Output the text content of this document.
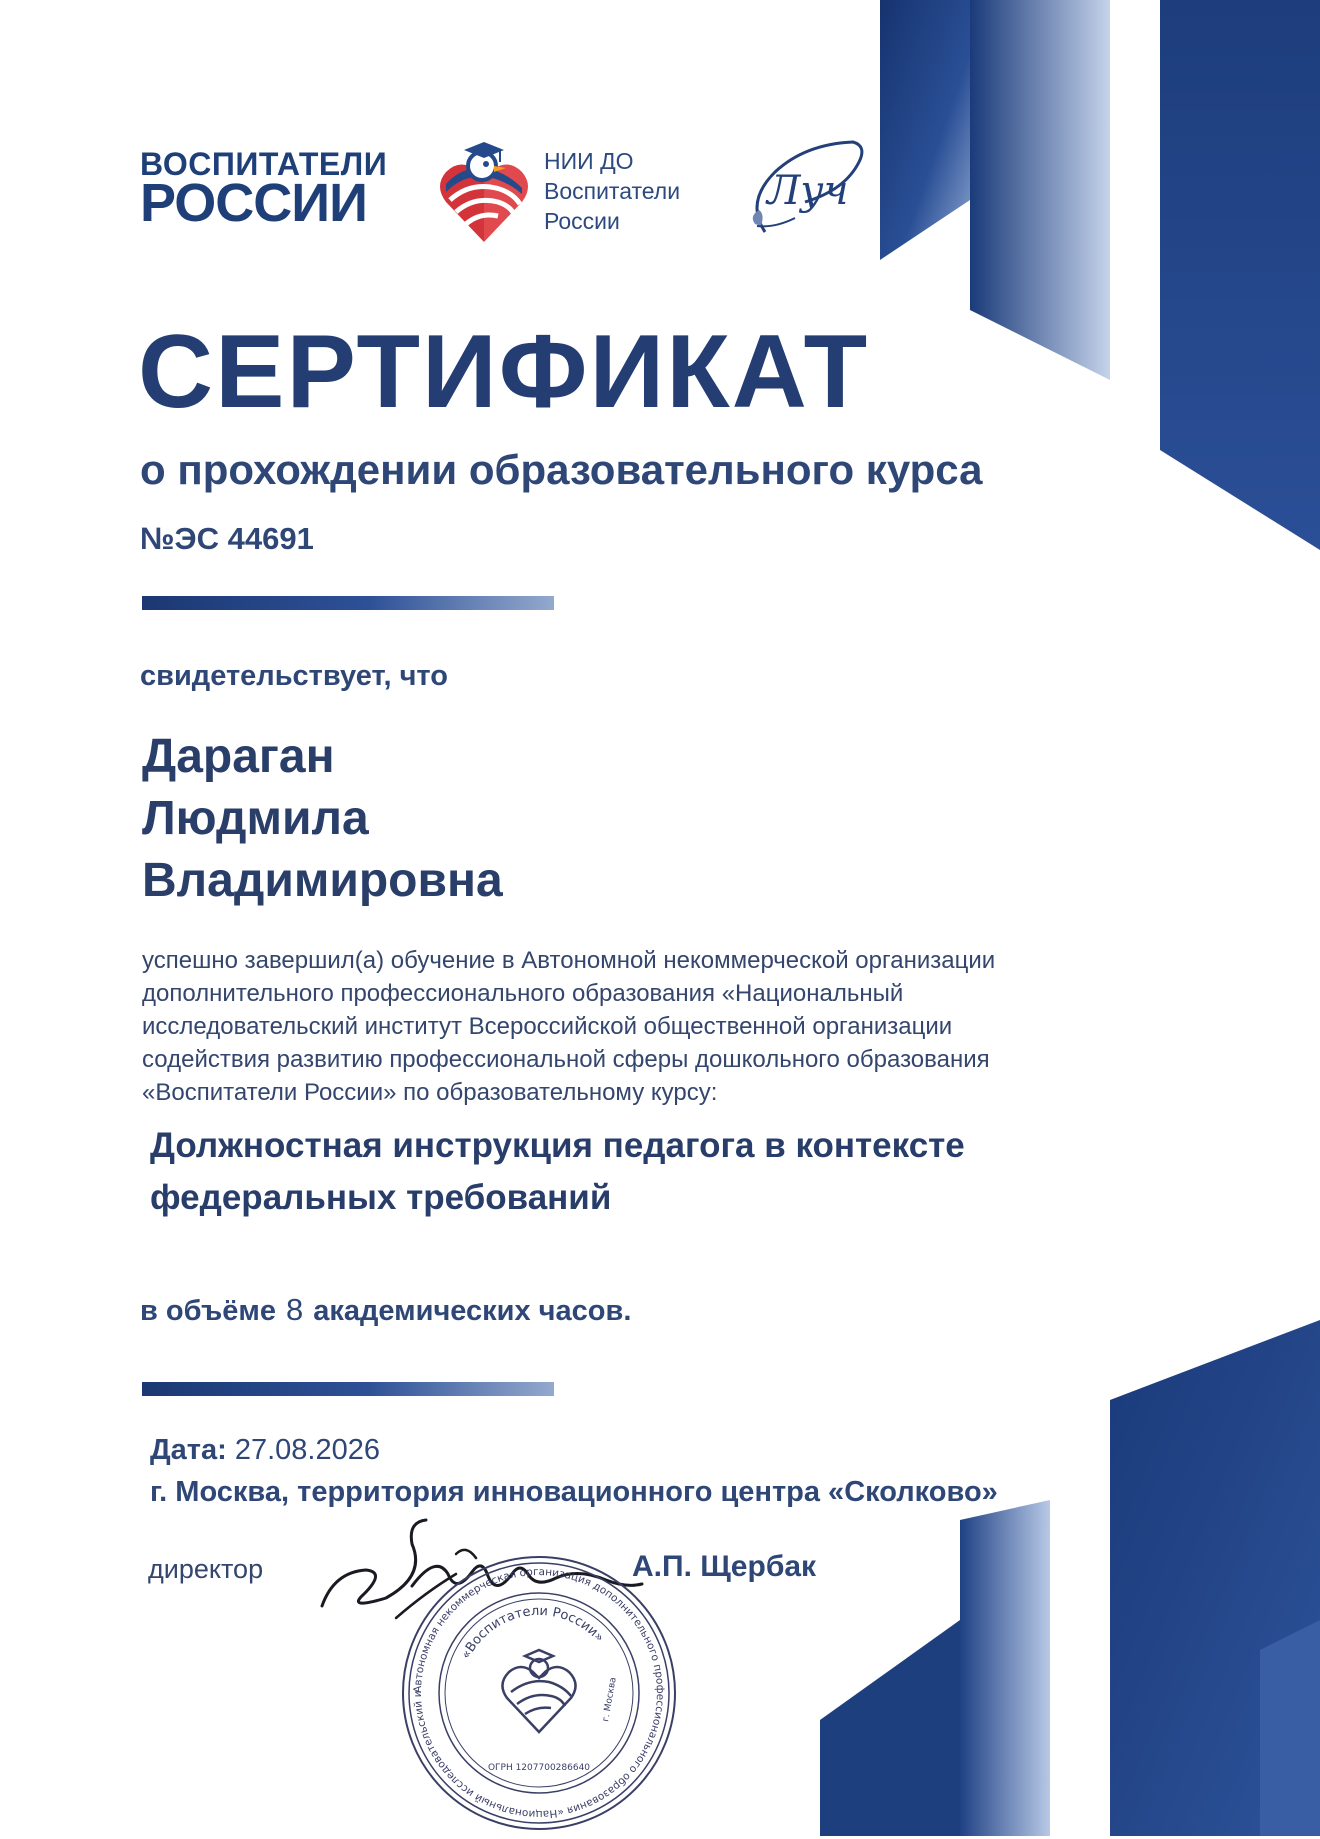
ВОСПИТАТЕЛИ
РОССИИ
НИИ ДО
Воспитатели
России
Луч
СЕРТИФИКАТ
о прохождении образовательного курса
№ЭС 44691
свидетельствует, что
Дараган
Людмила
Владимировна
успешно завершил(а) обучение в Автономной некоммерческой организации
дополнительного профессионального образования «Национальный
исследовательский институт Всероссийской общественной организации
содействия развитию профессиональной сферы дошкольного образования
«Воспитатели России» по образовательному курсу:
Должностная инструкция педагога в контексте
федеральных требований
в объёме 8 академических часов.
Дата: 27.08.2026
г. Москва, территория инновационного центра «Сколково»
директор	А.П. Щербак
Автономная некоммерческая организация дополнительного профессионального образования «Национальный исследовательский и
«Воспитатели России»
ОГРН 1207700286640
г. Москва
